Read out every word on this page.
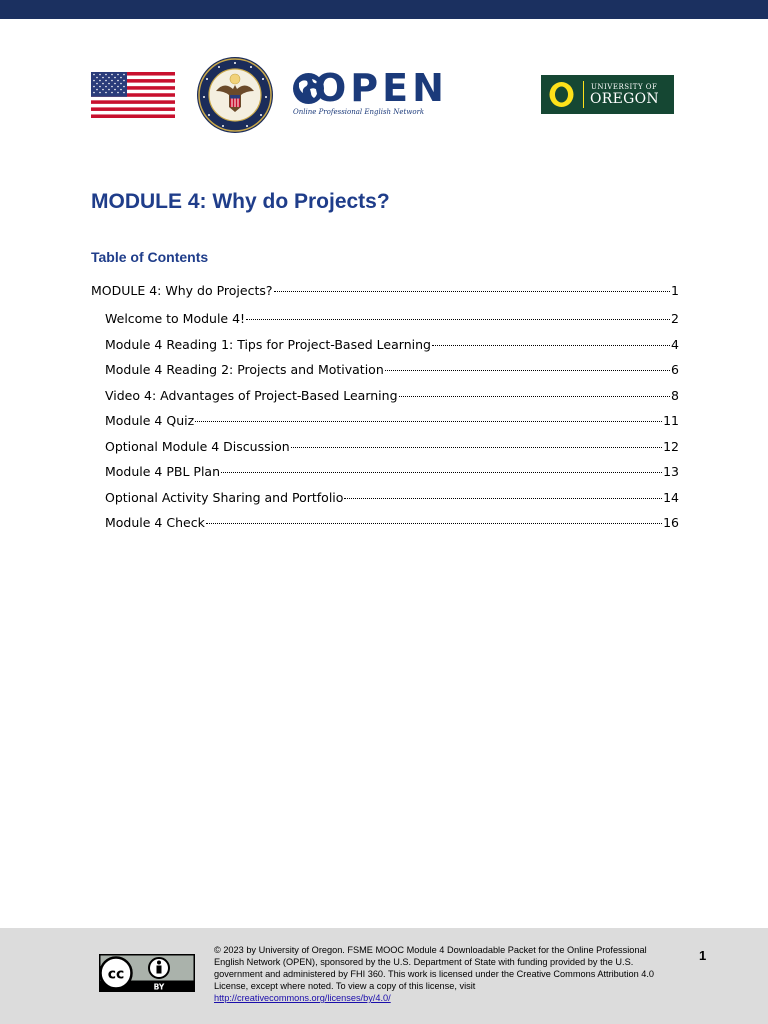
OPEN
Online Professional English Network
UNIVERSITY OF
OREGON
MODULE 4: Why do Projects?
Table of Contents
MODULE 4: Why do Projects?	1
Welcome to Module 4!	2
Module 4 Reading 1: Tips for Project-Based Learning	4
Module 4 Reading 2: Projects and Motivation	6
Video 4: Advantages of Project-Based Learning	8
Module 4 Quiz	11
Optional Module 4 Discussion	12
Module 4 PBL Plan	13
Optional Activity Sharing and Portfolio	14
Module 4 Check	16
cc
BY
© 2023 by University of Oregon. FSME MOOC Module 4 Downloadable Packet for the Online Professional English Network (OPEN), sponsored by the U.S. Department of State with funding provided by the U.S. government and administered by FHI 360. This work is licensed under the Creative Commons Attribution 4.0 License, except where noted. To view a copy of this license, visit
http://creativecommons.org/licenses/by/4.0/
1
